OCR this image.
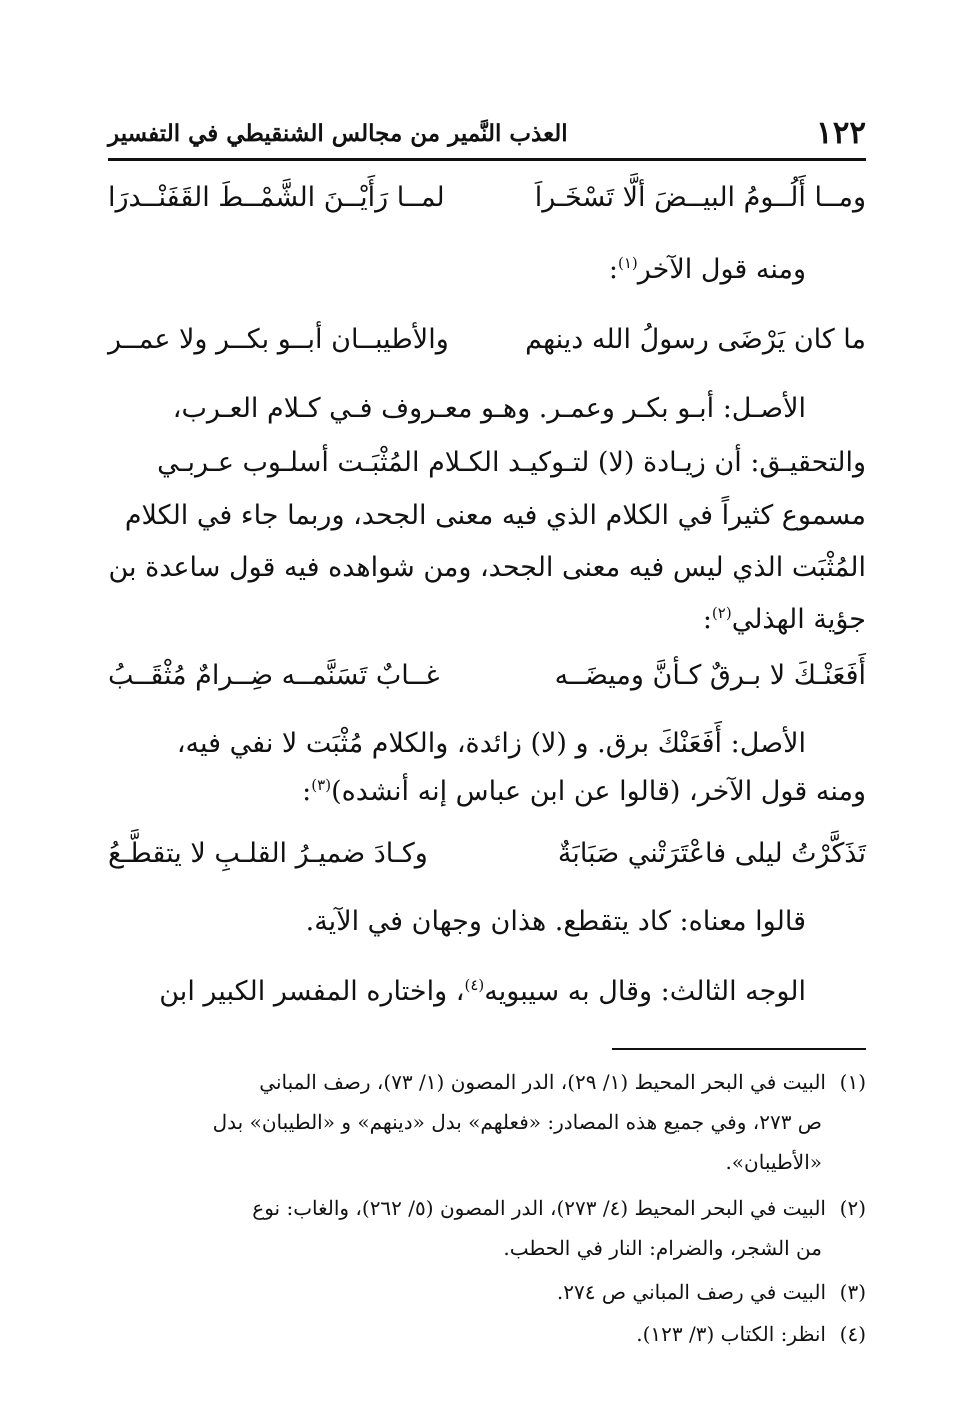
١٢٢
العذب النَّمير من مجالس الشنقيطي في التفسير
ومــا أَلُــومُ البيــضَ ألَّا تَسْخَـراَ
لمــا رَأَيْــنَ الشَّمْــطَ القَفَنْــدرَا
ومنه قول الآخر$^{(١)}$:
ما كان يَرْضَى رسولُ الله دينهم
والأطيبــان أبــو بكــر ولا عمــر
الأصـل: أبـو بكـر وعمـر. وهـو معـروف فـي كـلام العـرب،
والتحقيـق: أن زيـادة (لا) لتـوكيـد الكـلام المُثْبَـت أسلـوب عـربـي
مسموع كثيراً في الكلام الذي فيه معنى الجحد، وربما جاء في الكلام
المُثْبَت الذي ليس فيه معنى الجحد، ومن شواهده فيه قول ساعدة بن
جؤية الهذلي$^{(٢)}$:
أَفَعَنْـكَ لا بـرقٌ كـأنَّ وميضَــه
غــابٌ تَسَنَّمــه ضِــرامٌ مُثْقَــبُ
الأصل: أَفَعَنْكَ برق. و (لا) زائدة، والكلام مُثْبَت لا نفي فيه،
ومنه قول الآخر، (قالوا عن ابن عباس إنه أنشده)$^{(٣)}$:
تَذَكَّرْتُ ليلى فاعْتَرَتْني صَبَابَةٌ
وكـادَ ضميـرُ القلـبِ لا يتقطَّـعُ
قالوا معناه: كاد يتقطع. هذان وجهان في الآية.
الوجه الثالث: وقال به سيبويه$^{(٤)}$، واختاره المفسر الكبير ابن
(١)البيت في البحر المحيط (١/ ٢٩)، الدر المصون (١/ ٧٣)، رصف المباني
ص ٢٧٣، وفي جميع هذه المصادر: «فعلهم» بدل «دينهم» و «الطيبان» بدل
«الأطيبان».
(٢)البيت في البحر المحيط (٤/ ٢٧٣)، الدر المصون (٥/ ٢٦٢)، والغاب: نوع
من الشجر، والضرام: النار في الحطب.
(٣)البيت في رصف المباني ص ٢٧٤.
(٤)انظر: الكتاب (٣/ ١٢٣).
